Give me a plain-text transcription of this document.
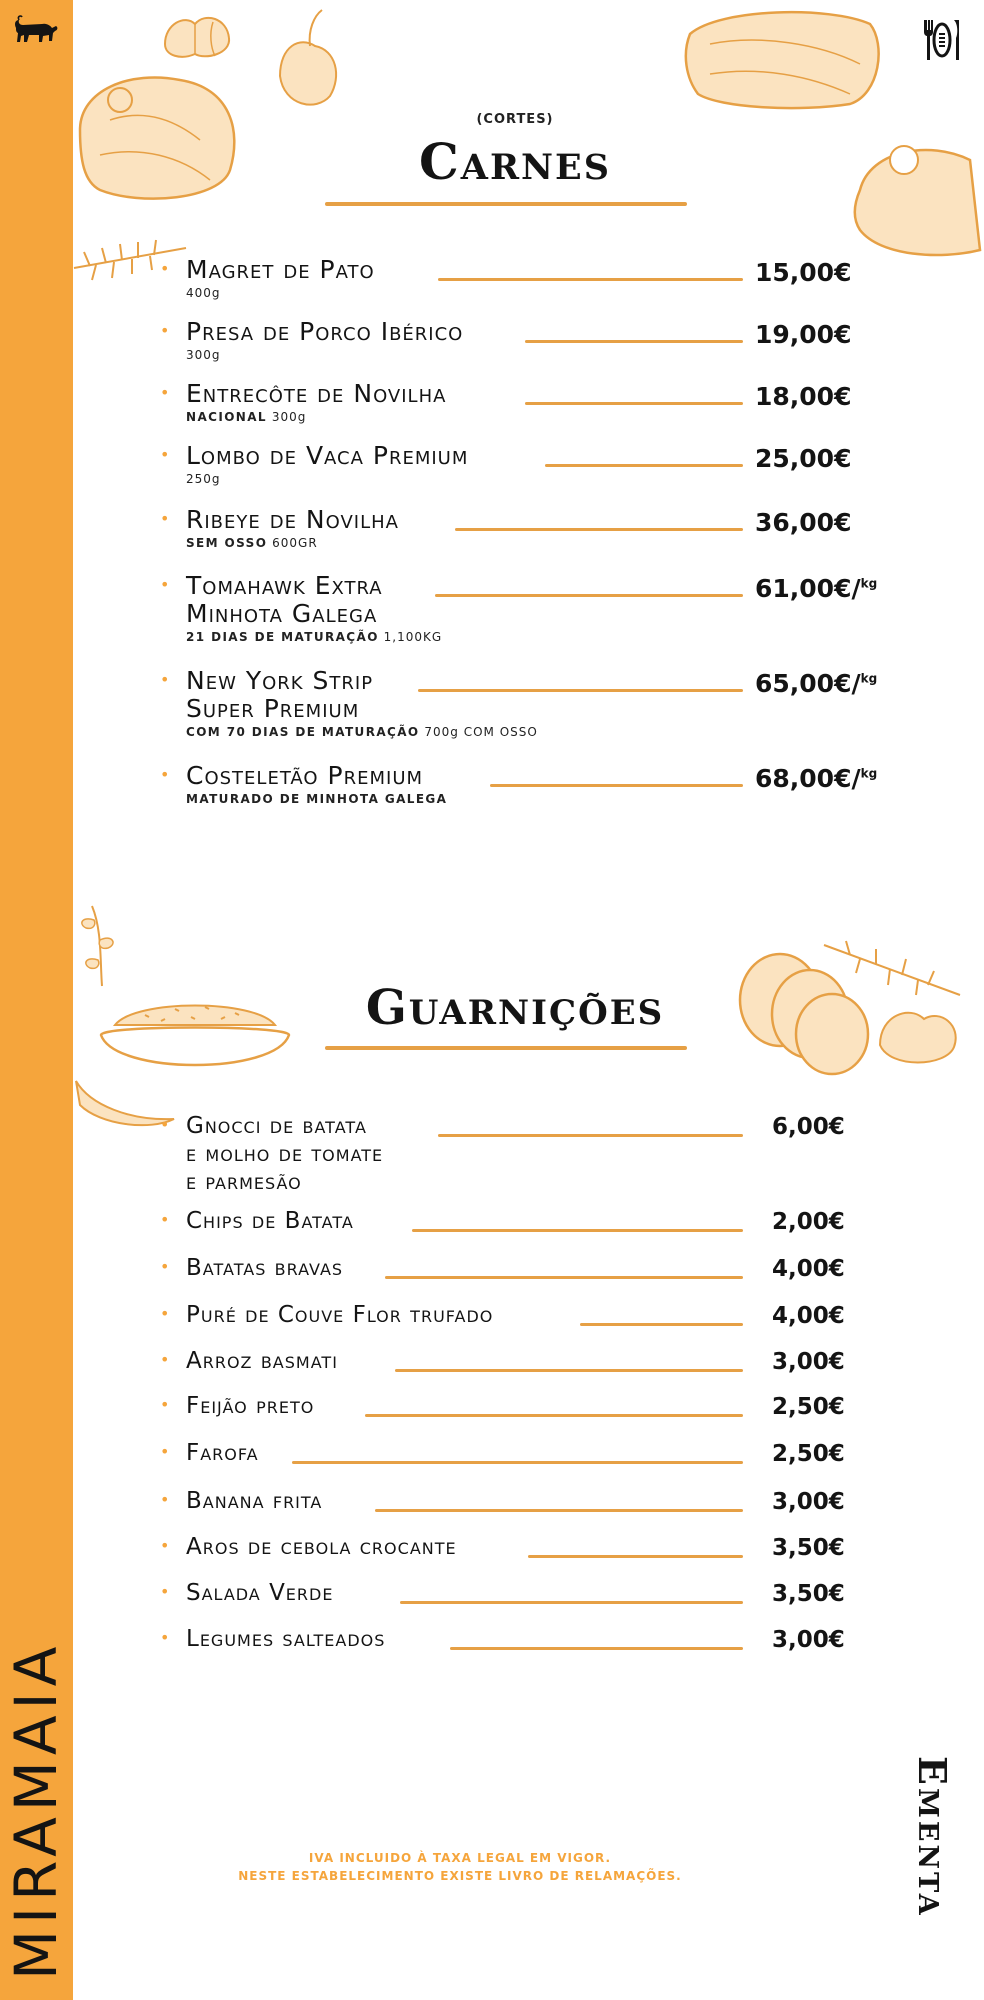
MIRAMAIA
(CORTES)
Carnes
• Magret de Pato	15,00€
400g
• Presa de Porco Ibérico	19,00€
300g
• Entrecôte de Novilha	18,00€
NACIONAL 300g
• Lombo de Vaca Premium	25,00€
250g
• Ribeye de Novilha	36,00€
SEM OSSO 600GR
• Tomahawk Extra
Minhota Galega
61,00€/$^{kg}$
21 DIAS DE MATURAÇÃO 1,100KG
• New York Strip
Super Premium
65,00€/$^{kg}$
COM 70 DIAS DE MATURAÇÃO 700g COM OSSO
• Costeletão Premium	68,00€/$^{kg}$
MATURADO DE MINHOTA GALEGA
Guarnições
• Gnocci de batata
e molho de tomate
e parmesão
6,00€
• Chips de Batata	2,00€
• Batatas bravas	4,00€
• Puré de Couve Flor trufado	4,00€
• Arroz basmati	3,00€
• Feijão preto	2,50€
• Farofa	2,50€
• Banana frita	3,00€
• Aros de cebola crocante	3,50€
• Salada Verde	3,50€
• Legumes salteados	3,00€
IVA INCLUIDO À TAXA LEGAL EM VIGOR.
NESTE ESTABELECIMENTO EXISTE LIVRO DE RELAMAÇÕES.	Ementa
